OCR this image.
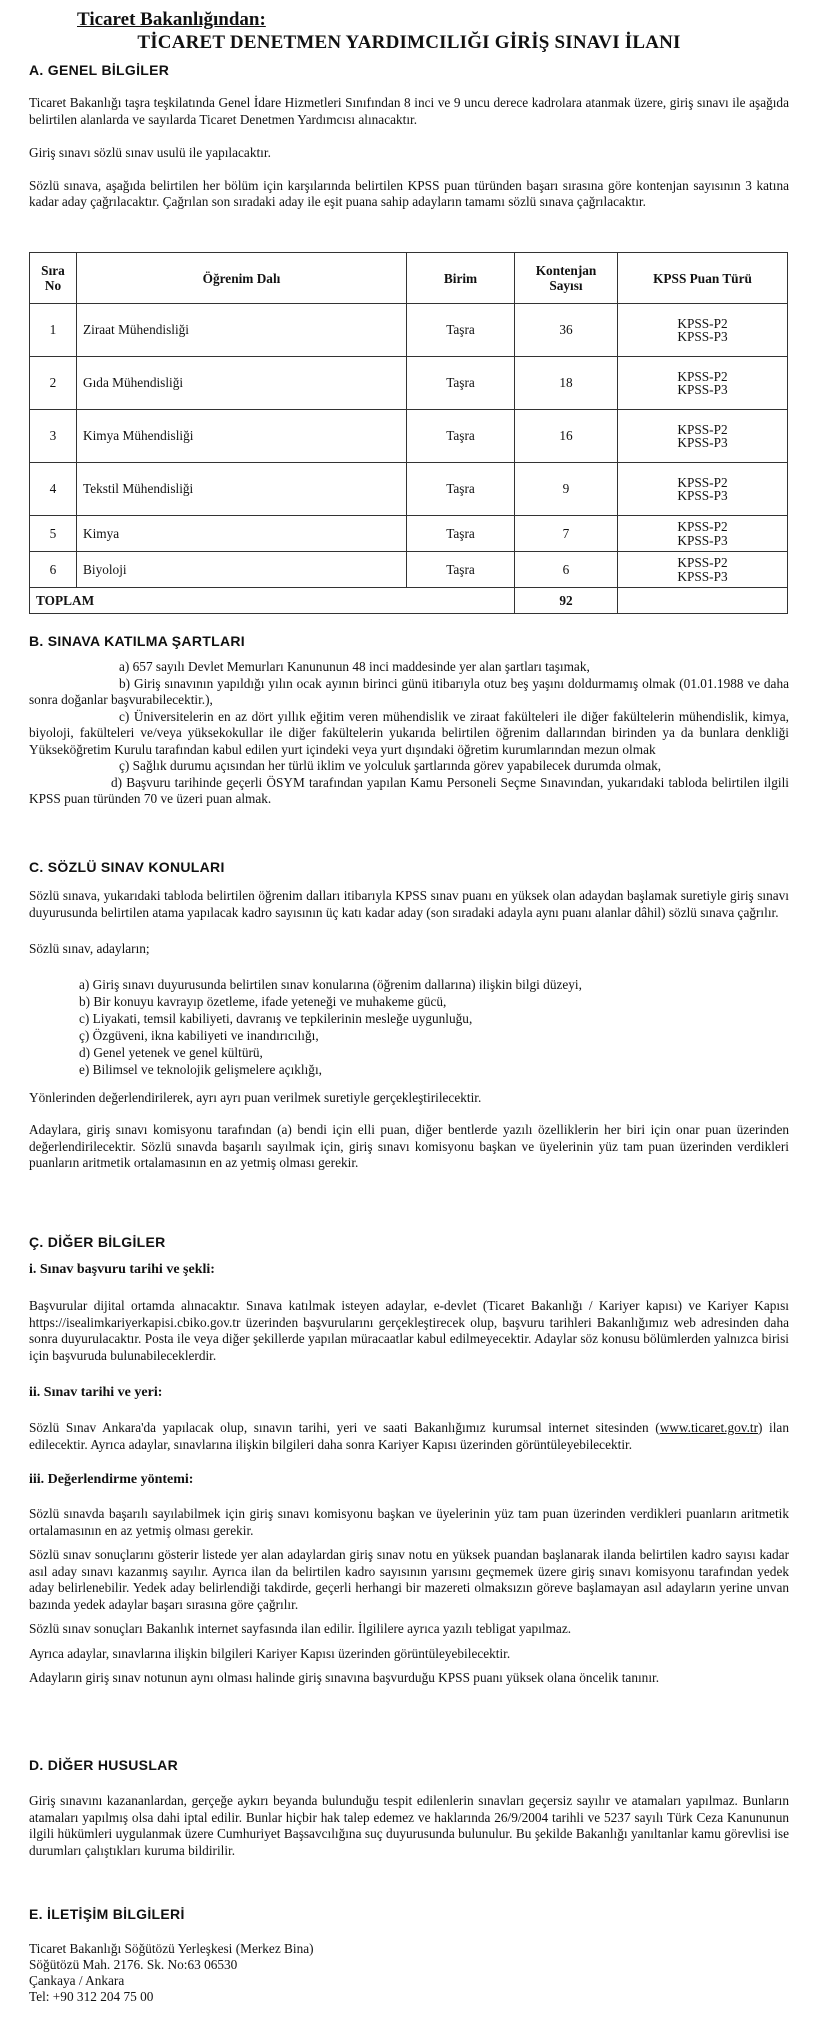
Ticaret Bakanlığından:
TİCARET DENETMEN YARDIMCILIĞI GİRİŞ SINAVI İLANI
A. GENEL BİLGİLER

Ticaret Bakanlığı taşra teşkilatında Genel İdare Hizmetleri Sınıfından 8 inci ve 9 uncu derece kadrolara atanmak üzere, giriş sınavı ile aşağıda belirtilen alanlarda ve sayılarda Ticaret Denetmen Yardımcısı alınacaktır.

Giriş sınavı sözlü sınav usulü ile yapılacaktır.

Sözlü sınava, aşağıda belirtilen her bölüm için karşılarında belirtilen KPSS puan türünden başarı sırasına göre kontenjan sayısının 3 katına kadar aday çağrılacaktır. Çağrılan son sıradaki aday ile eşit puana sahip adayların tamamı sözlü sınava çağrılacaktır.

Sıra No	Öğrenim Dalı	Birim	Kontenjan Sayısı	KPSS Puan Türü
1	Ziraat Mühendisliği	Taşra	36	KPSS-P2
KPSS-P3

2	Gıda Mühendisliği	Taşra	18	KPSS-P2
KPSS-P3

3	Kimya Mühendisliği	Taşra	16	KPSS-P2
KPSS-P3

4	Tekstil Mühendisliği	Taşra	9	KPSS-P2
KPSS-P3

5	Kimya	Taşra	7	KPSS-P2
KPSS-P3

6	Biyoloji	Taşra	6	KPSS-P2
KPSS-P3

TOPLAM			92	
B. SINAVA KATILMA ŞARTLARI

a) 657 sayılı Devlet Memurları Kanununun 48 inci maddesinde yer alan şartları taşımak,

b) Giriş sınavının yapıldığı yılın ocak ayının birinci günü itibarıyla otuz beş yaşını doldurmamış olmak (01.01.1988 ve daha sonra doğanlar başvurabilecektir.),

c) Üniversitelerin en az dört yıllık eğitim veren mühendislik ve ziraat fakülteleri ile diğer fakültelerin mühendislik, kimya, biyoloji, fakülteleri ve/veya yüksekokullar ile diğer fakültelerin yukarıda belirtilen öğrenim dallarından birinden ya da bunlara denkliği Yükseköğretim Kurulu tarafından kabul edilen yurt içindeki veya yurt dışındaki öğretim kurumlarından mezun olmak

ç) Sağlık durumu açısından her türlü iklim ve yolculuk şartlarında görev yapabilecek durumda olmak,

d) Başvuru tarihinde geçerli ÖSYM tarafından yapılan Kamu Personeli Seçme Sınavından, yukarıdaki tabloda belirtilen ilgili KPSS puan türünden 70 ve üzeri puan almak.

C. SÖZLÜ SINAV KONULARI

Sözlü sınava, yukarıdaki tabloda belirtilen öğrenim dalları itibarıyla KPSS sınav puanı en yüksek olan adaydan başlamak suretiyle giriş sınavı duyurusunda belirtilen atama yapılacak kadro sayısının üç katı kadar aday (son sıradaki adayla aynı puanı alanlar dâhil) sözlü sınava çağrılır.

Sözlü sınav, adayların;

a) Giriş sınavı duyurusunda belirtilen sınav konularına (öğrenim dallarına) ilişkin bilgi düzeyi,

b) Bir konuyu kavrayıp özetleme, ifade yeteneği ve muhakeme gücü,

c) Liyakati, temsil kabiliyeti, davranış ve tepkilerinin mesleğe uygunluğu,

ç) Özgüveni, ikna kabiliyeti ve inandırıcılığı,

d) Genel yetenek ve genel kültürü,

e) Bilimsel ve teknolojik gelişmelere açıklığı,

Yönlerinden değerlendirilerek, ayrı ayrı puan verilmek suretiyle gerçekleştirilecektir.

Adaylara, giriş sınavı komisyonu tarafından (a) bendi için elli puan, diğer bentlerde yazılı özelliklerin her biri için onar puan üzerinden değerlendirilecektir. Sözlü sınavda başarılı sayılmak için, giriş sınavı komisyonu başkan ve üyelerinin yüz tam puan üzerinden verdikleri puanların aritmetik ortalamasının en az yetmiş olması gerekir.

Ç. DİĞER BİLGİLER
i. Sınav başvuru tarihi ve şekli:

Başvurular dijital ortamda alınacaktır. Sınava katılmak isteyen adaylar, e-devlet (Ticaret Bakanlığı / Kariyer kapısı) ve Kariyer Kapısı https://isealimkariyerkapisi.cbiko.gov.tr üzerinden başvurularını gerçekleştirecek olup, başvuru tarihleri Bakanlığımız web adresinden daha sonra duyurulacaktır. Posta ile veya diğer şekillerde yapılan müracaatlar kabul edilmeyecektir. Adaylar söz konusu bölümlerden yalnızca birisi için başvuruda bulunabileceklerdir.

ii. Sınav tarihi ve yeri:

Sözlü Sınav Ankara'da yapılacak olup, sınavın tarihi, yeri ve saati Bakanlığımız kurumsal internet sitesinden (www.ticaret.gov.tr) ilan edilecektir. Ayrıca adaylar, sınavlarına ilişkin bilgileri daha sonra Kariyer Kapısı üzerinden görüntüleyebilecektir.

iii. Değerlendirme yöntemi:

Sözlü sınavda başarılı sayılabilmek için giriş sınavı komisyonu başkan ve üyelerinin yüz tam puan üzerinden verdikleri puanların aritmetik ortalamasının en az yetmiş olması gerekir.

Sözlü sınav sonuçlarını gösterir listede yer alan adaylardan giriş sınav notu en yüksek puandan başlanarak ilanda belirtilen kadro sayısı kadar asıl aday sınavı kazanmış sayılır. Ayrıca ilan da belirtilen kadro sayısının yarısını geçmemek üzere giriş sınavı komisyonu tarafından yedek aday belirlenebilir. Yedek aday belirlendiği takdirde, geçerli herhangi bir mazereti olmaksızın göreve başlamayan asıl adayların yerine unvan bazında yedek adaylar başarı sırasına göre çağrılır.

Sözlü sınav sonuçları Bakanlık internet sayfasında ilan edilir. İlgililere ayrıca yazılı tebligat yapılmaz.

Ayrıca adaylar, sınavlarına ilişkin bilgileri Kariyer Kapısı üzerinden görüntüleyebilecektir.

Adayların giriş sınav notunun aynı olması halinde giriş sınavına başvurduğu KPSS puanı yüksek olana öncelik tanınır.

D. DİĞER HUSUSLAR

Giriş sınavını kazananlardan, gerçeğe aykırı beyanda bulunduğu tespit edilenlerin sınavları geçersiz sayılır ve atamaları yapılmaz. Bunların atamaları yapılmış olsa dahi iptal edilir. Bunlar hiçbir hak talep edemez ve haklarında 26/9/2004 tarihli ve 5237 sayılı Türk Ceza Kanununun ilgili hükümleri uygulanmak üzere Cumhuriyet Başsavcılığına suç duyurusunda bulunulur. Bu şekilde Bakanlığı yanıltanlar kamu görevlisi ise durumları çalıştıkları kuruma bildirilir.

E. İLETİŞİM BİLGİLERİ
Ticaret Bakanlığı Söğütözü Yerleşkesi (Merkez Bina)
Söğütözü Mah. 2176. Sk. No:63 06530
Çankaya / Ankara
Tel: +90 312 204 75 00
